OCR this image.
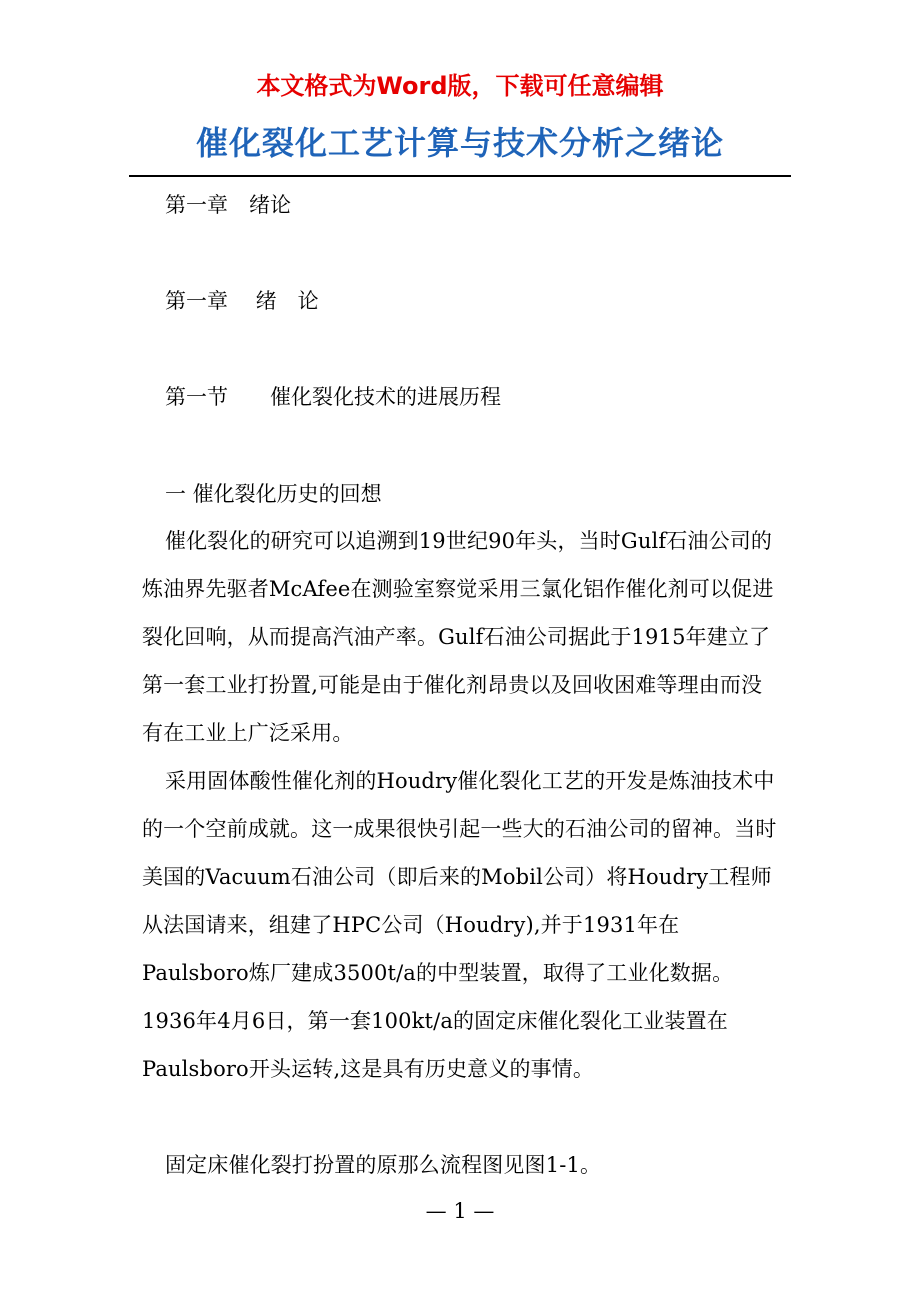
本文格式为Word版，下载可任意编辑

催化裂化工艺计算与技术分析之绪论

第一章　绪论

第一章　 绪　论

第一节　　催化裂化技术的进展历程

一 催化裂化历史的回想

催化裂化的研究可以追溯到19世纪90年头，当时Gulf石油公司的炼油界先驱者McAfee在测验室察觉采用三氯化铝作催化剂可以促进裂化回响，从而提高汽油产率。Gulf石油公司据此于1915年建立了第一套工业打扮置,可能是由于催化剂昂贵以及回收困难等理由而没有在工业上广泛采用。

采用固体酸性催化剂的Houdry催化裂化工艺的开发是炼油技术中的一个空前成就。这一成果很快引起一些大的石油公司的留神。当时美国的Vacuum石油公司（即后来的Mobil公司）将Houdry工程师从法国请来，组建了HPC公司（Houdry),并于1931年在Paulsboro炼厂建成3500t/a的中型装置，取得了工业化数据。1936年4月6日，第一套100kt/a的固定床催化裂化工业装置在Paulsboro开头运转,这是具有历史意义的事情。

固定床催化裂打扮置的原那么流程图见图1-1。

— 1 —
